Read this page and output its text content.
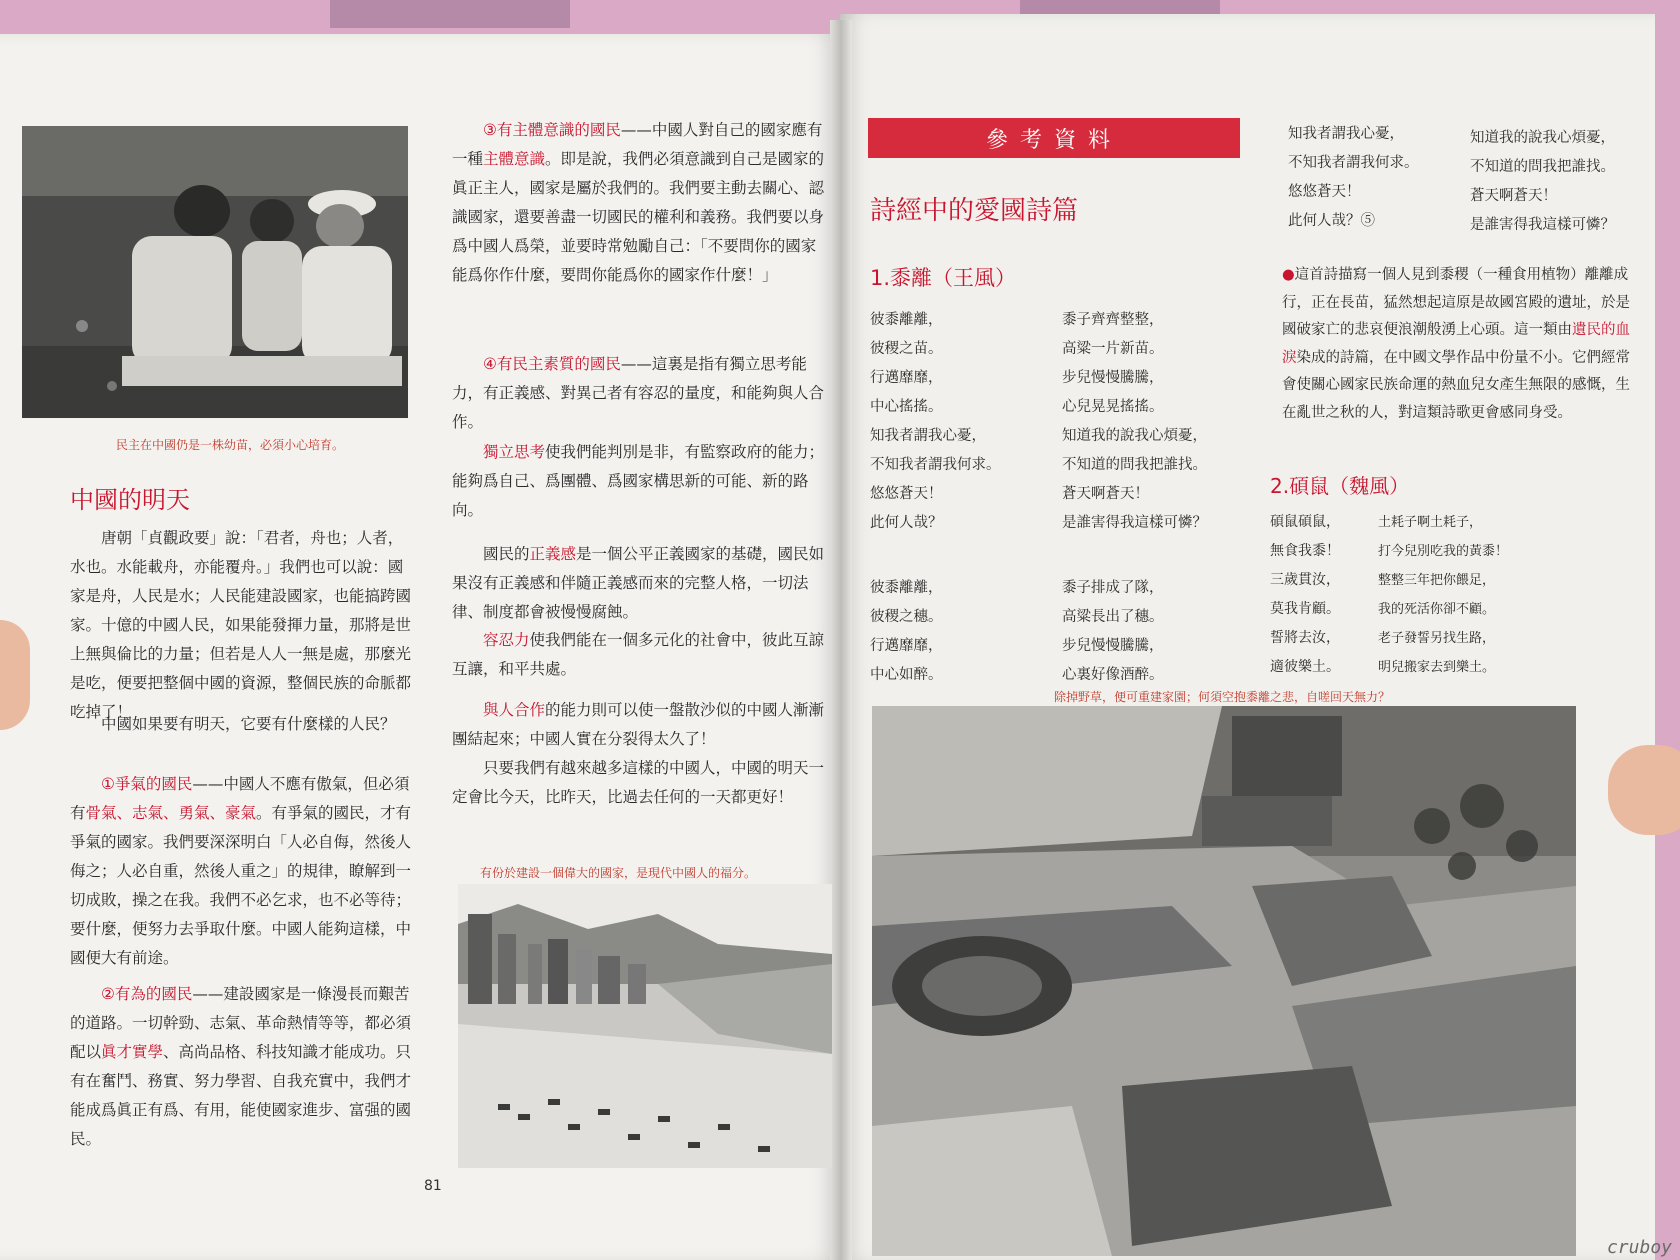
民主在中國仍是一株幼苗，必須小心培育。
中國的明天
唐朝「貞觀政要」說：「君者，舟也；人者，水也。水能載舟，亦能覆舟。」我們也可以說：國家是舟，人民是水；人民能建設國家，也能搞跨國家。十億的中國人民，如果能發揮力量，那將是世上無與倫比的力量；但若是人人一無是處，那麼光是吃，便要把整個中國的資源，整個民族的命脈都吃掉了！
中國如果要有明天，它要有什麼樣的人民？
①爭氣的國民——中國人不應有傲氣，但必須有骨氣、志氣、勇氣、豪氣。有爭氣的國民，才有爭氣的國家。我們要深深明白「人必自侮，然後人侮之；人必自重，然後人重之」的規律，瞭解到一切成敗，操之在我。我們不必乞求，也不必等待；要什麼，便努力去爭取什麼。中國人能夠這樣，中國便大有前途。
②有為的國民——建設國家是一條漫長而艱苦的道路。一切幹勁、志氣、革命熱情等等，都必須配以眞才實學、高尚品格、科技知識才能成功。只有在奮鬥、務實、努力學習、自我充實中，我們才能成爲眞正有爲、有用，能使國家進步、富强的國民。
③有主體意識的國民——中國人對自己的國家應有一種主體意識。即是說，我們必須意識到自己是國家的眞正主人，國家是屬於我們的。我們要主動去關心、認識國家，還要善盡一切國民的權利和義務。我們要以身爲中國人爲榮，並要時常勉勵自己：「不要問你的國家能爲你作什麼，要問你能爲你的國家作什麼！」
④有民主素質的國民——這裏是指有獨立思考能力，有正義感、對異己者有容忍的量度，和能夠與人合作。
獨立思考使我們能判別是非，有監察政府的能力；能夠爲自己、爲團體、爲國家構思新的可能、新的路向。
國民的正義感是一個公平正義國家的基礎，國民如果沒有正義感和伴隨正義感而來的完整人格，一切法律、制度都會被慢慢腐蝕。
容忍力使我們能在一個多元化的社會中，彼此互諒互讓，和平共處。
與人合作的能力則可以使一盤散沙似的中國人漸漸團結起來；中國人實在分裂得太久了！
只要我們有越來越多這樣的中國人，中國的明天一定會比今天，比昨天，比過去任何的一天都更好！
有份於建設一個偉大的國家，是現代中國人的福分。
81
參考資料
詩經中的愛國詩篇
1.黍離（王風）
彼黍離離，
彼稷之苗。
行邁靡靡，
中心搖搖。
知我者謂我心憂，
不知我者謂我何求。
悠悠蒼天！
此何人哉？
黍子齊齊整整，
高粱一片新苗。
步兒慢慢騰騰，
心兒晃晃搖搖。
知道我的說我心煩憂，
不知道的問我把誰找。
蒼天啊蒼天！
是誰害得我這樣可憐？
彼黍離離，
彼稷之穗。
行邁靡靡，
中心如醉。
黍子排成了隊，
高粱長出了穗。
步兒慢慢騰騰，
心裏好像酒醉。
知我者謂我心憂，
不知我者謂我何求。
悠悠蒼天！
此何人哉？⑤
知道我的說我心煩憂，
不知道的問我把誰找。
蒼天啊蒼天！
是誰害得我這樣可憐？
●這首詩描寫一個人見到黍稷（一種食用植物）離離成行，正在長苗，猛然想起這原是故國宮殿的遺址，於是國破家亡的悲哀便浪潮般湧上心頭。這一類由遺民的血淚染成的詩篇，在中國文學作品中份量不小。它們經常會使關心國家民族命運的熱血兒女產生無限的感慨，生在亂世之秋的人，對這類詩歌更會感同身受。
2.碩鼠（魏風）
碩鼠碩鼠，
無食我黍！
三歲貫汝，
莫我肯顧。
誓將去汝，
適彼樂土。
土耗子啊土耗子，
打今兒別吃我的黃黍！
整整三年把你餵足，
我的死活你卻不顧。
老子發誓另找生路，
明兒搬家去到樂土。
除掉野草，便可重建家園；何須空抱黍離之悲，自嗟回天無力？
cruboy
